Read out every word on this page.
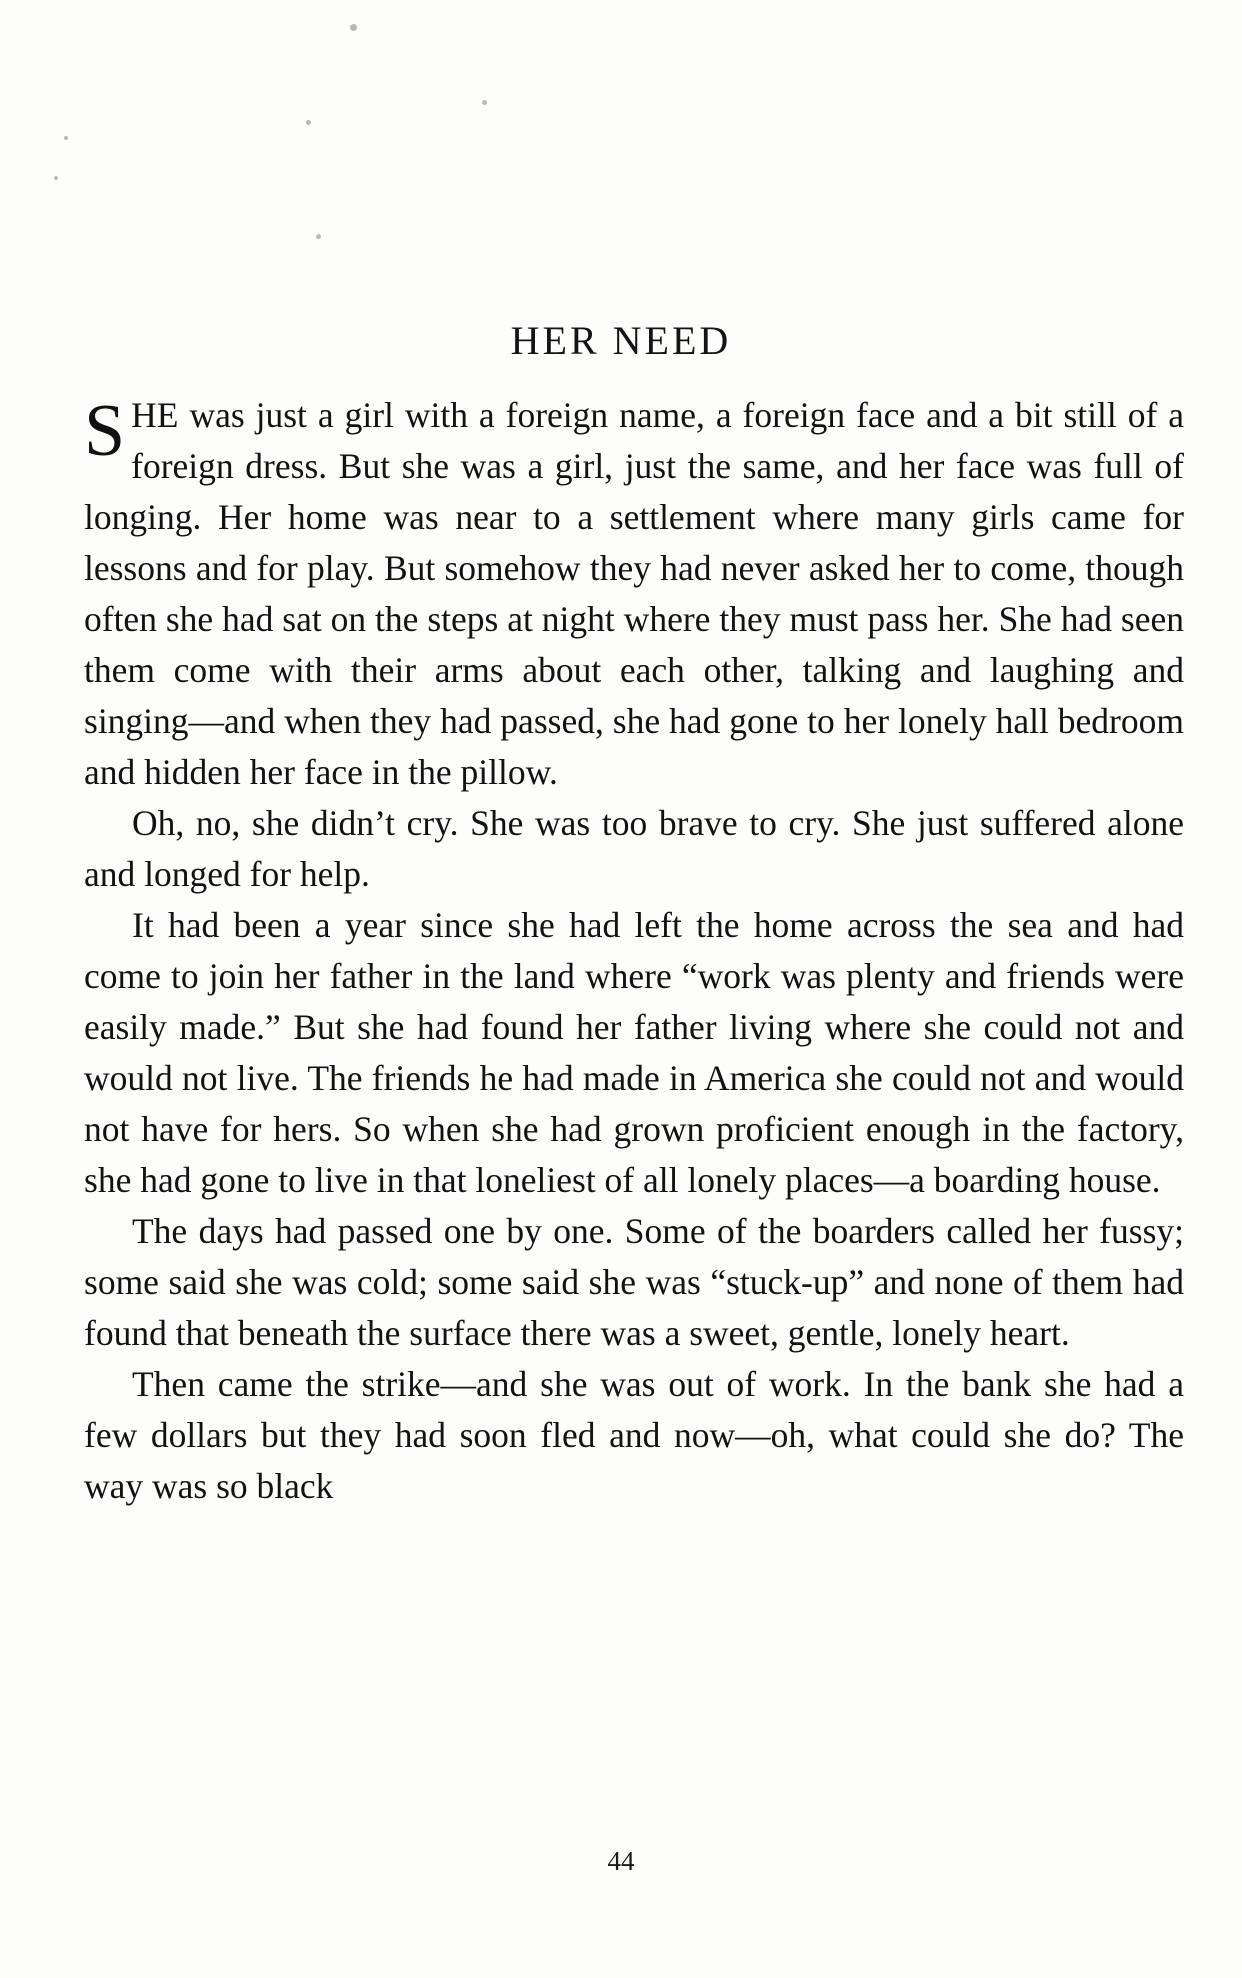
HER NEED

SHE was just a girl with a foreign name, a foreign face and a bit still of a foreign dress. But she was a girl, just the same, and her face was full of longing. Her home was near to a settlement where many girls came for lessons and for play. But somehow they had never asked her to come, though often she had sat on the steps at night where they must pass her. She had seen them come with their arms about each other, talking and laughing and singing—and when they had passed, she had gone to her lonely hall bedroom and hidden her face in the pillow.

Oh, no, she didn’t cry. She was too brave to cry. She just suffered alone and longed for help.

It had been a year since she had left the home across the sea and had come to join her father in the land where “work was plenty and friends were easily made.” But she had found her father living where she could not and would not live. The friends he had made in America she could not and would not have for hers. So when she had grown proficient enough in the factory, she had gone to live in that loneliest of all lonely places—a boarding house.

The days had passed one by one. Some of the boarders called her fussy; some said she was cold; some said she was “stuck-up” and none of them had found that beneath the surface there was a sweet, gentle, lonely heart.

Then came the strike—and she was out of work. In the bank she had a few dollars but they had soon fled and now—oh, what could she do? The way was so black

44
